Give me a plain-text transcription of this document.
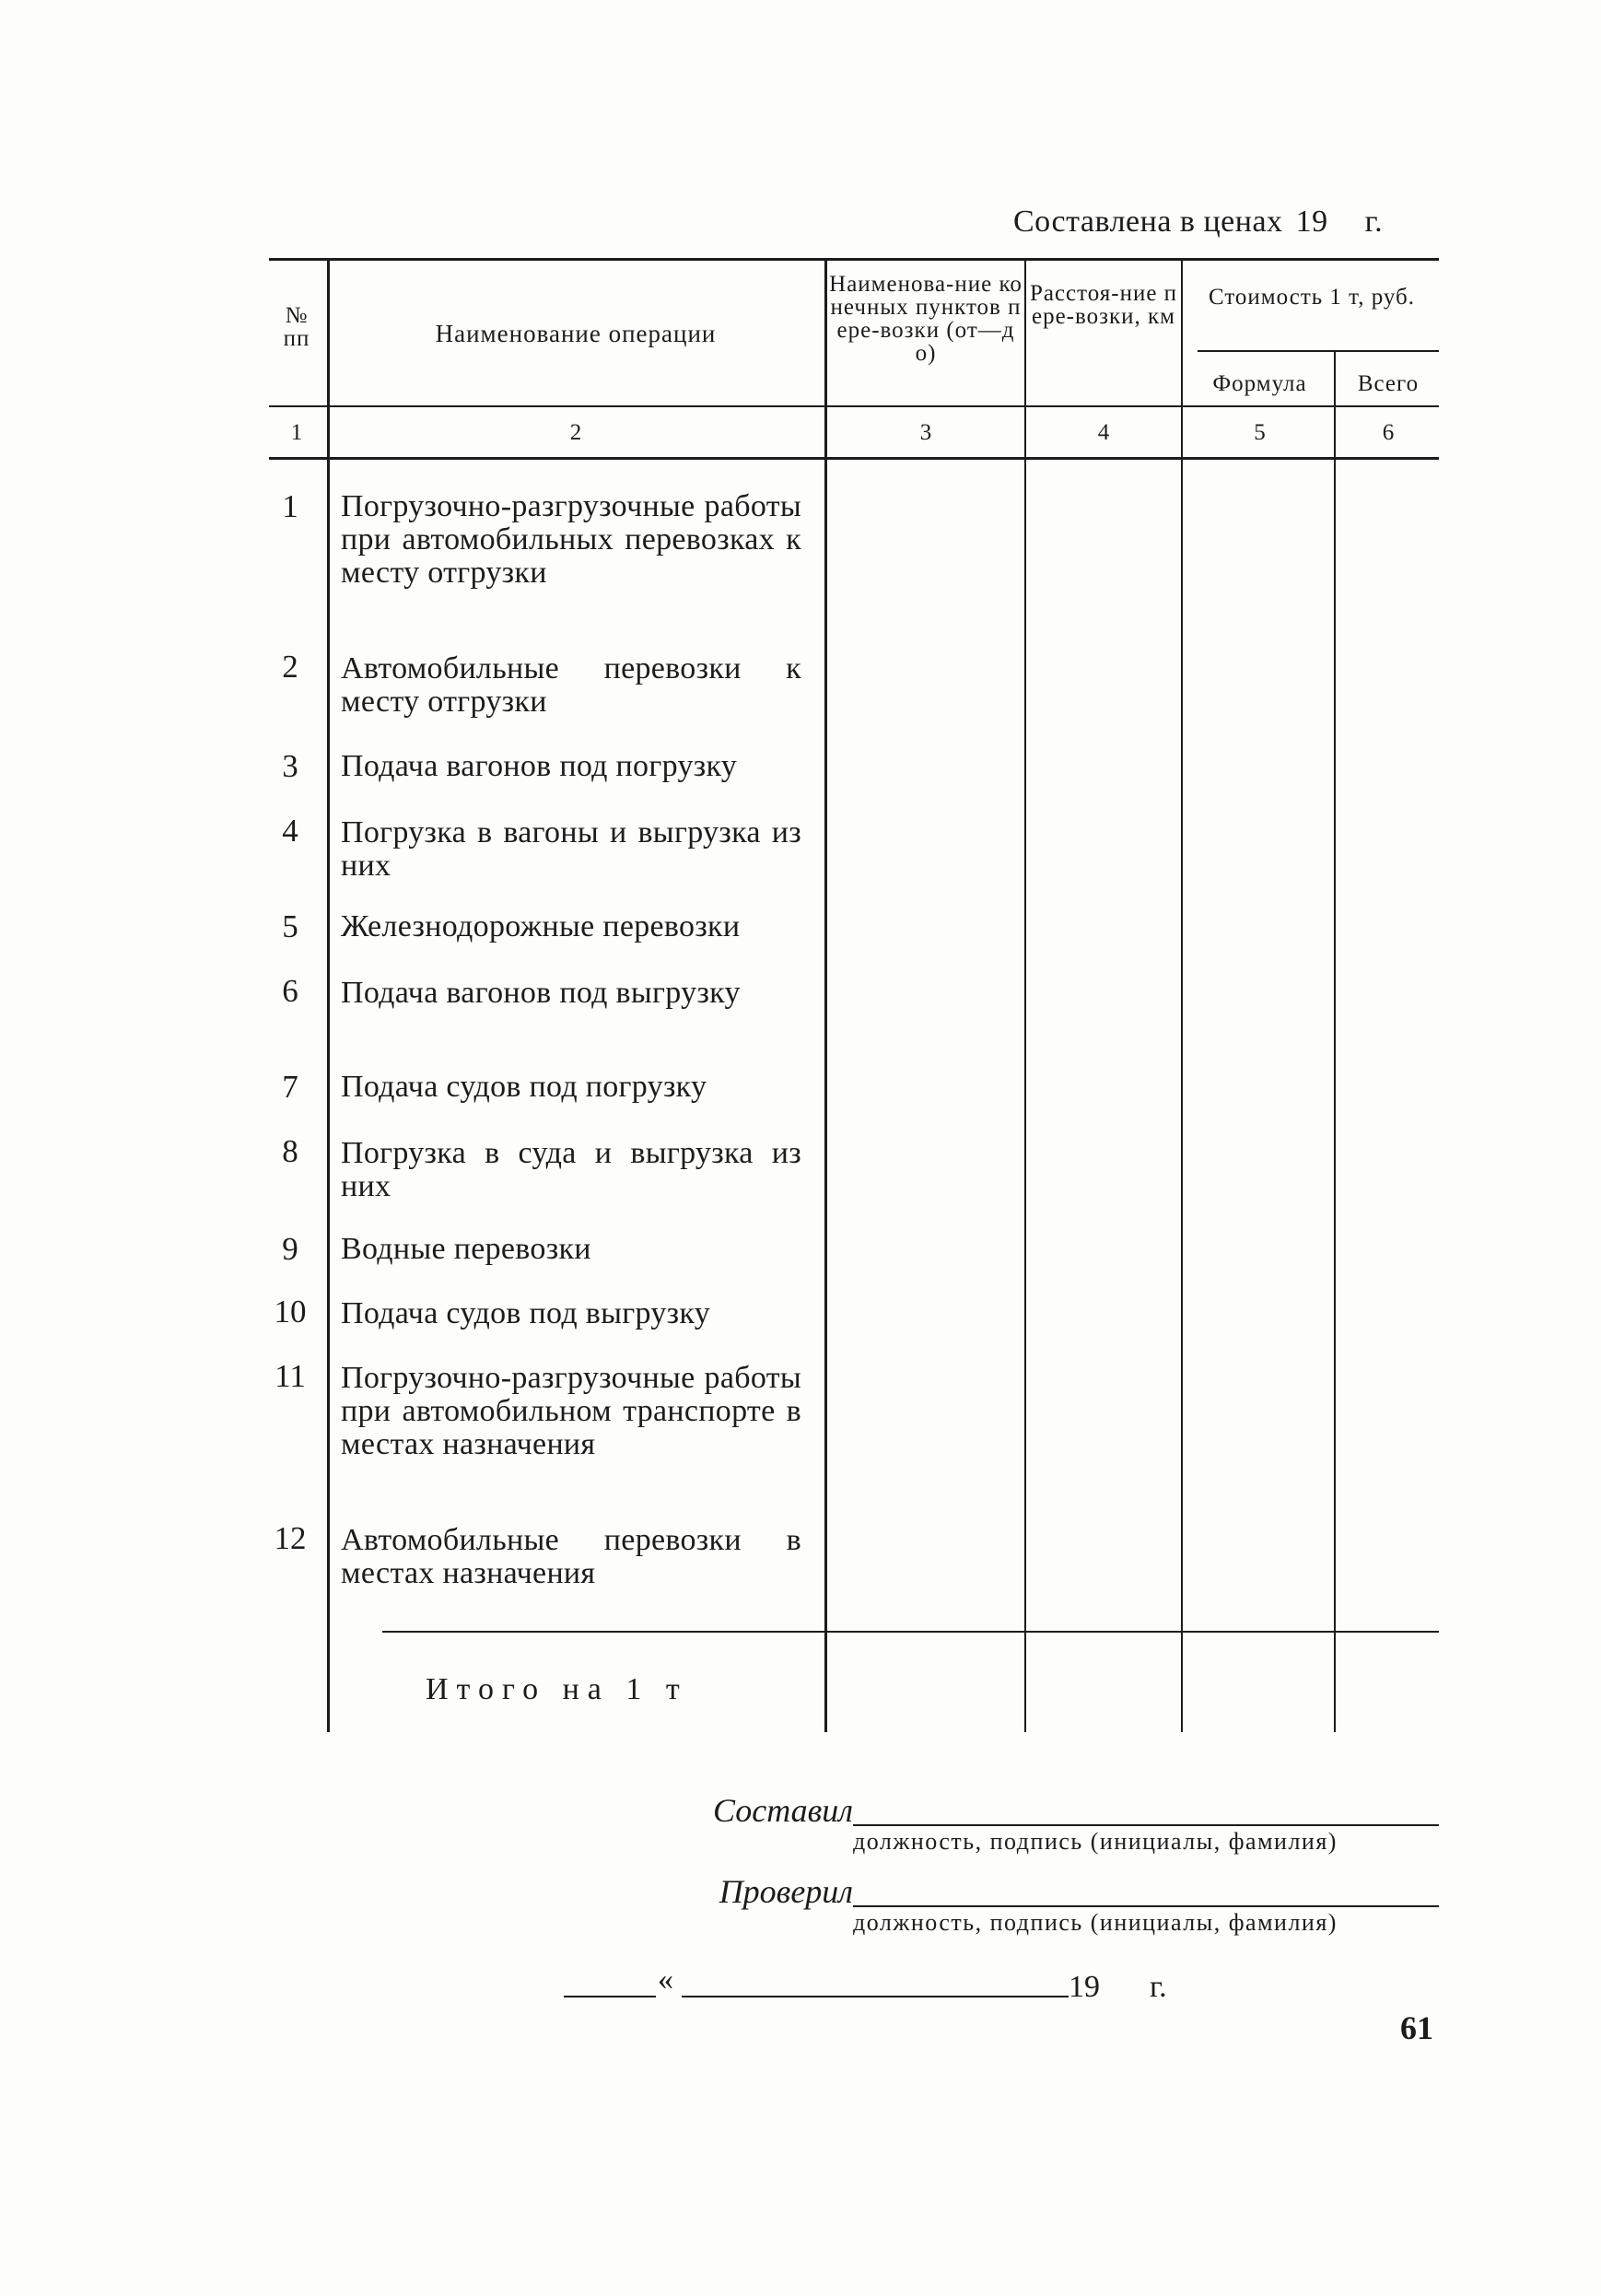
Составлена в ценах 19 г.
№ пп	Наименование операции
Наименова-ние конечных пунктов пере-возки (от—до)
Расстоя-ние пере-возки, км
Стоимость 1 т, руб.
Формула	Всего
1	2	3	4	5	6
1	Погрузочно-разгрузочные работы при автомобильных перевозках к месту отгрузки
2	Автомобильные перевозки к месту отгрузки
3	Подача вагонов под погрузку
4	Погрузка в вагоны и выгрузка из них
5	Железнодорожные перевозки
6	Подача вагонов под выгрузку
7	Подача судов под погрузку
8	Погрузка в суда и выгрузка из них
9	Водные перевозки
10 Подача судов под выгрузку
11 Погрузочно-разгрузочные работы при автомобильном транспорте в местах назначения
12 Автомобильные перевозки в местах назначения
Итого на 1 т
Составил
должность, подпись (инициалы, фамилия)
Проверил
должность, подпись (инициалы, фамилия)
«	19 г.
61
